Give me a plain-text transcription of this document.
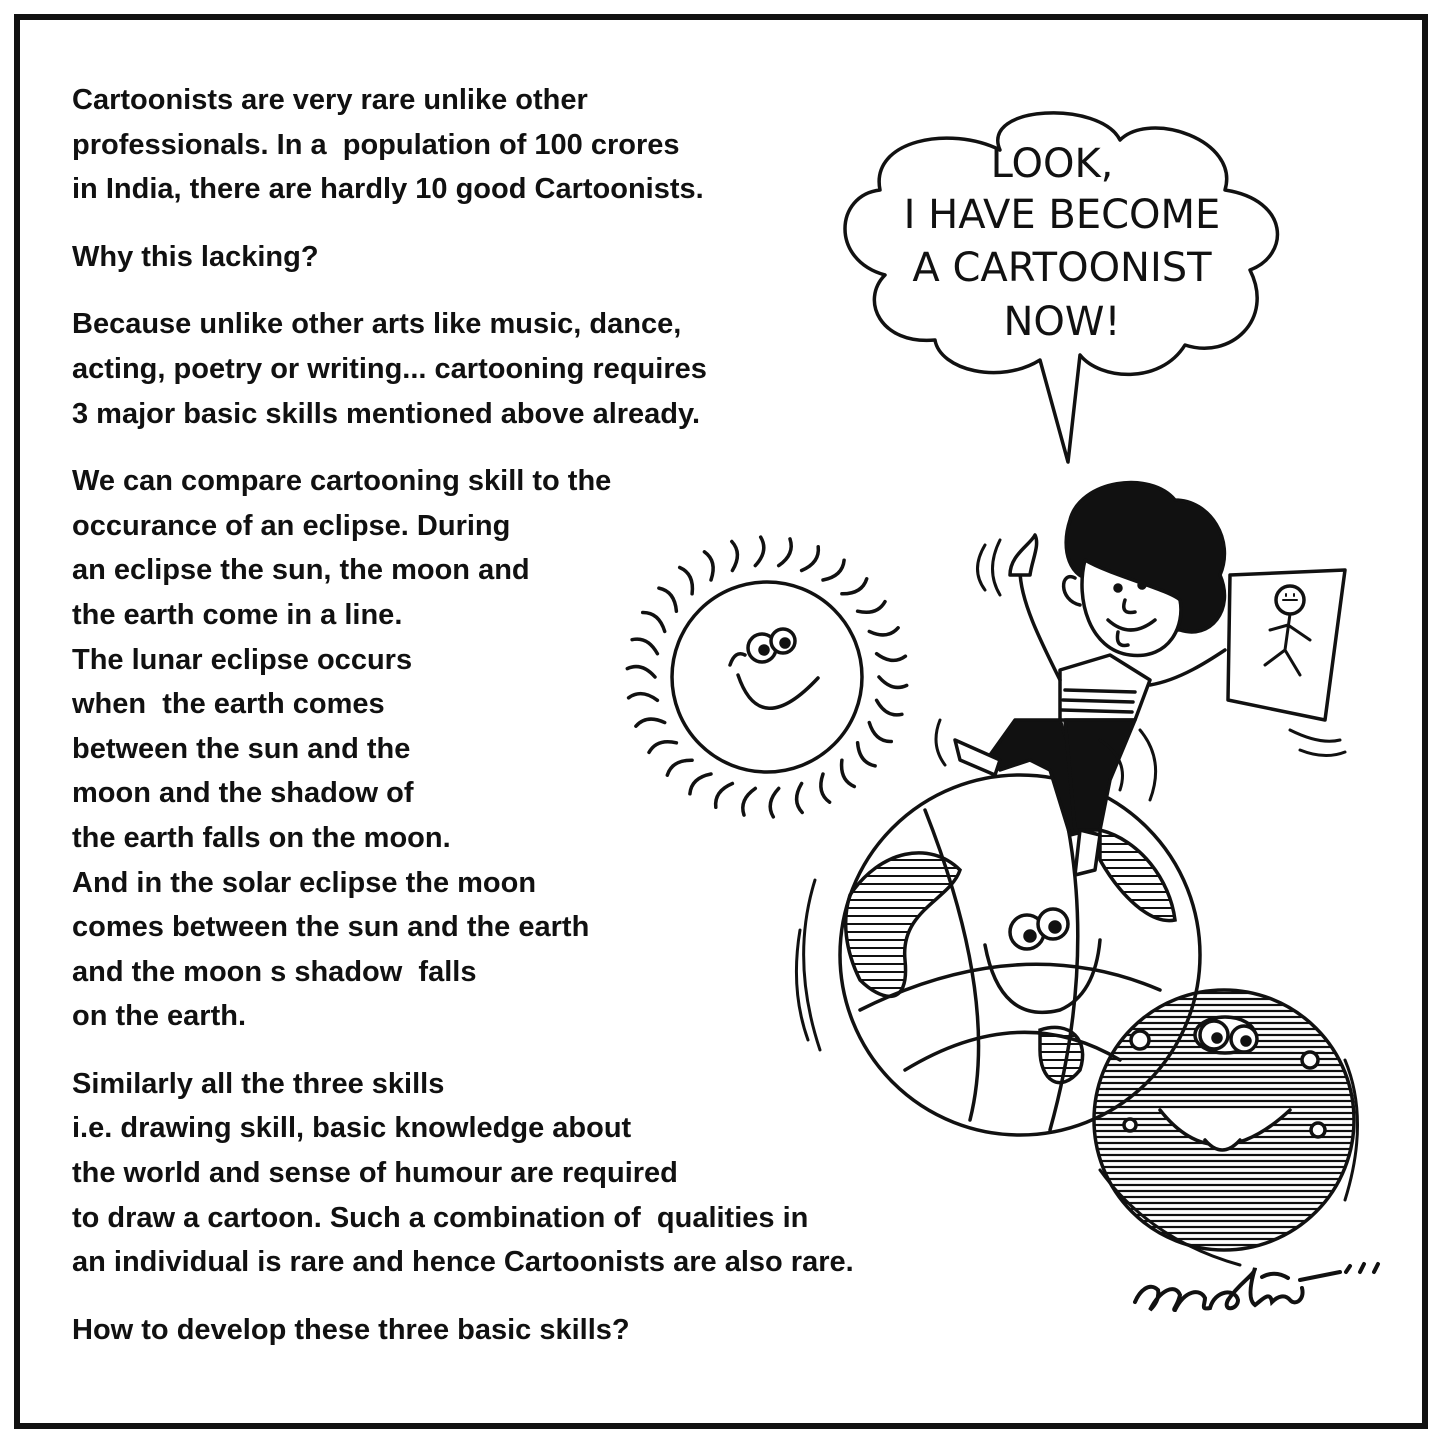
Cartoonists are very rare unlike other
professionals. In a  population of 100 crores
in India, there are hardly 10 good Cartoonists.
Why this lacking?
Because unlike other arts like music, dance,
acting, poetry or writing... cartooning requires
3 major basic skills mentioned above already.
We can compare cartooning skill to the
occurance of an eclipse. During
an eclipse the sun, the moon and
the earth come in a line.
The lunar eclipse occurs
when  the earth comes
between the sun and the
moon and the shadow of
the earth falls on the moon.
And in the solar eclipse the moon
comes between the sun and the earth
and the moon s shadow  falls
on the earth.
Similarly all the three skills
i.e. drawing skill, basic knowledge about
the world and sense of humour are required
to draw a cartoon. Such a combination of  qualities in
an individual is rare and hence Cartoonists are also rare.
How to develop these three basic skills?
LOOK,
I HAVE BECOME
A CARTOONIST
NOW!
